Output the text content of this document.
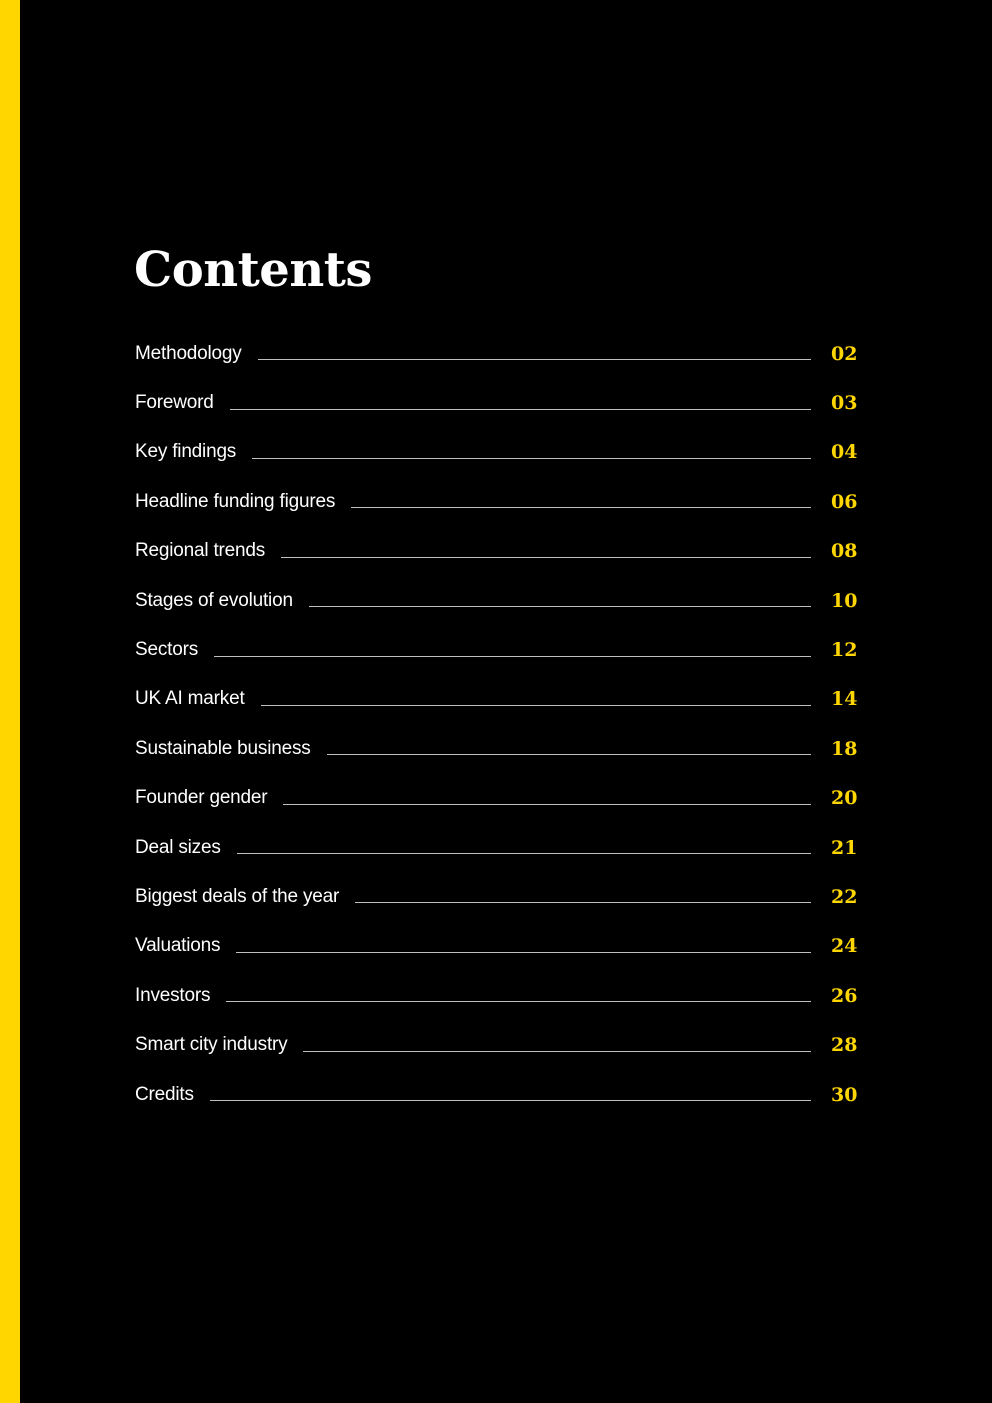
Contents
Methodology	02
Foreword	03
Key findings	04
Headline funding figures	06
Regional trends	08
Stages of evolution	10
Sectors	12
UK AI market	14
Sustainable business	18
Founder gender	20
Deal sizes	21
Biggest deals of the year	22
Valuations	24
Investors	26
Smart city industry	28
Credits	30
